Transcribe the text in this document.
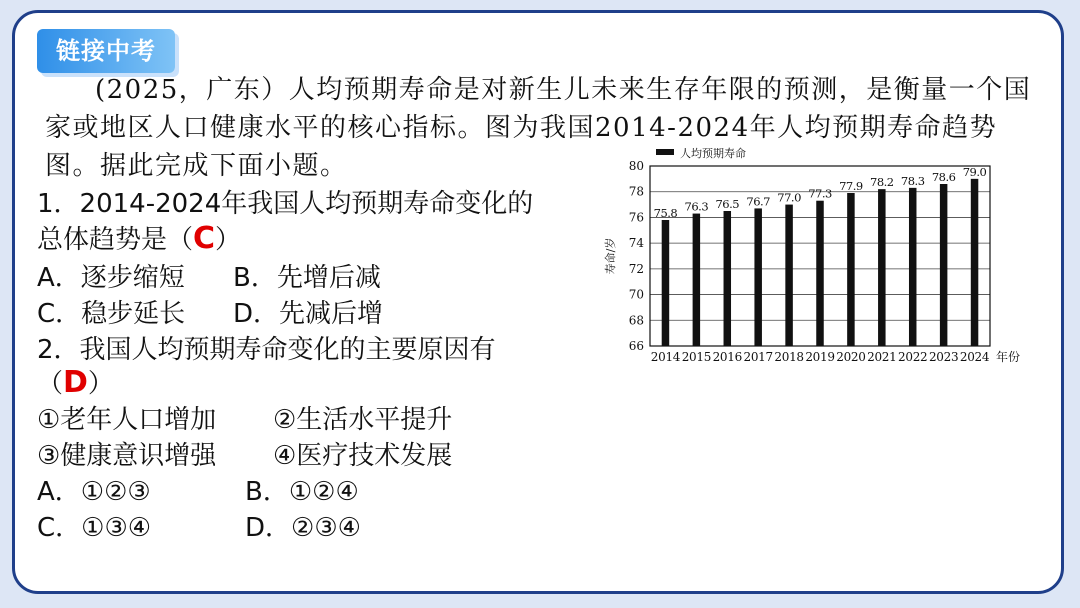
链接中考
(2025，广东）人均预期寿命是对新生儿未来生存年限的预测，是衡量一个国家或地区人口健康水平的核心指标。图为我国2014-2024年人均预期寿命趋势图。据此完成下面小题。
1．2014-2024年我国人均预期寿命变化的
总体趋势是（C）
A．逐步缩短 B．先增后减
C．稳步延长 D．先减后增
2．我国人均预期寿命变化的主要原因有
（D）
①老年人口增加 ②生活水平提升
③健康意识增强 ④医疗技术发展
A．①②③	B．①②④
C．①③④	D．②③④
66
68
70
72
74
76
78
80
寿命/岁
人均预期寿命
75.8
2014
76.3
2015
76.5
2016
76.7
2017
77.0
2018
77.3
2019
77.9
2020
78.2
2021
78.3
2022
78.6
2023
79.0
2024 年份
